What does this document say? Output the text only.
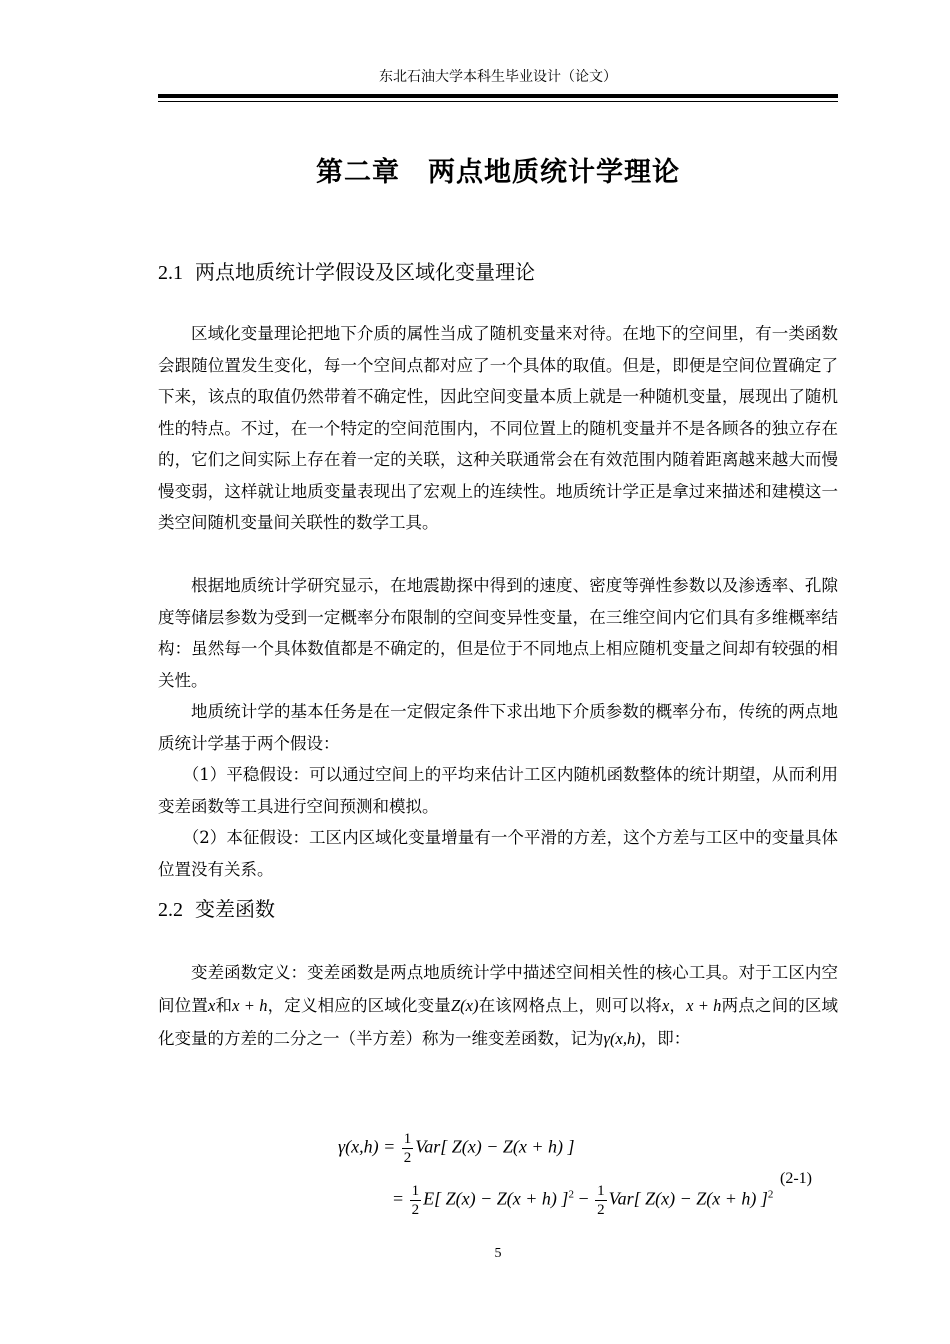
东北石油大学本科生毕业设计（论文）
第二章　两点地质统计学理论
2.1 两点地质统计学假设及区域化变量理论
区域化变量理论把地下介质的属性当成了随机变量来对待。在地下的空间里，有一类函数会跟随位置发生变化，每一个空间点都对应了一个具体的取值。但是，即便是空间位置确定了下来，该点的取值仍然带着不确定性，因此空间变量本质上就是一种随机变量，展现出了随机性的特点。不过，在一个特定的空间范围内，不同位置上的随机变量并不是各顾各的独立存在的，它们之间实际上存在着一定的关联，这种关联通常会在有效范围内随着距离越来越大而慢慢变弱，这样就让地质变量表现出了宏观上的连续性。地质统计学正是拿过来描述和建模这一类空间随机变量间关联性的数学工具。
根据地质统计学研究显示，在地震勘探中得到的速度、密度等弹性参数以及渗透率、孔隙度等储层参数为受到一定概率分布限制的空间变异性变量，在三维空间内它们具有多维概率结构：虽然每一个具体数值都是不确定的，但是位于不同地点上相应随机变量之间却有较强的相关性。
地质统计学的基本任务是在一定假定条件下求出地下介质参数的概率分布，传统的两点地质统计学基于两个假设：
（1）平稳假设：可以通过空间上的平均来估计工区内随机函数整体的统计期望，从而利用变差函数等工具进行空间预测和模拟。
（2）本征假设：工区内区域化变量增量有一个平滑的方差，这个方差与工区中的变量具体位置没有关系。
2.2 变差函数
变差函数定义：变差函数是两点地质统计学中描述空间相关性的核心工具。对于工区内空间位置x和x + h，定义相应的区域化变量Z(x)在该网格点上，则可以将x，x + h两点之间的区域化变量的方差的二分之一（半方差）称为一维变差函数，记为γ(x,h)，即：
$\gamma(x,h) = \frac{1}{2} Var$[ Z(x) − Z(x + h) ]
= $\frac{1}{2} E$[ Z(x) − Z(x + h) ]$^2 - \frac{1}{2} Var$[ Z(x) − Z(x + h) ]$^2$
(2-1)
5
